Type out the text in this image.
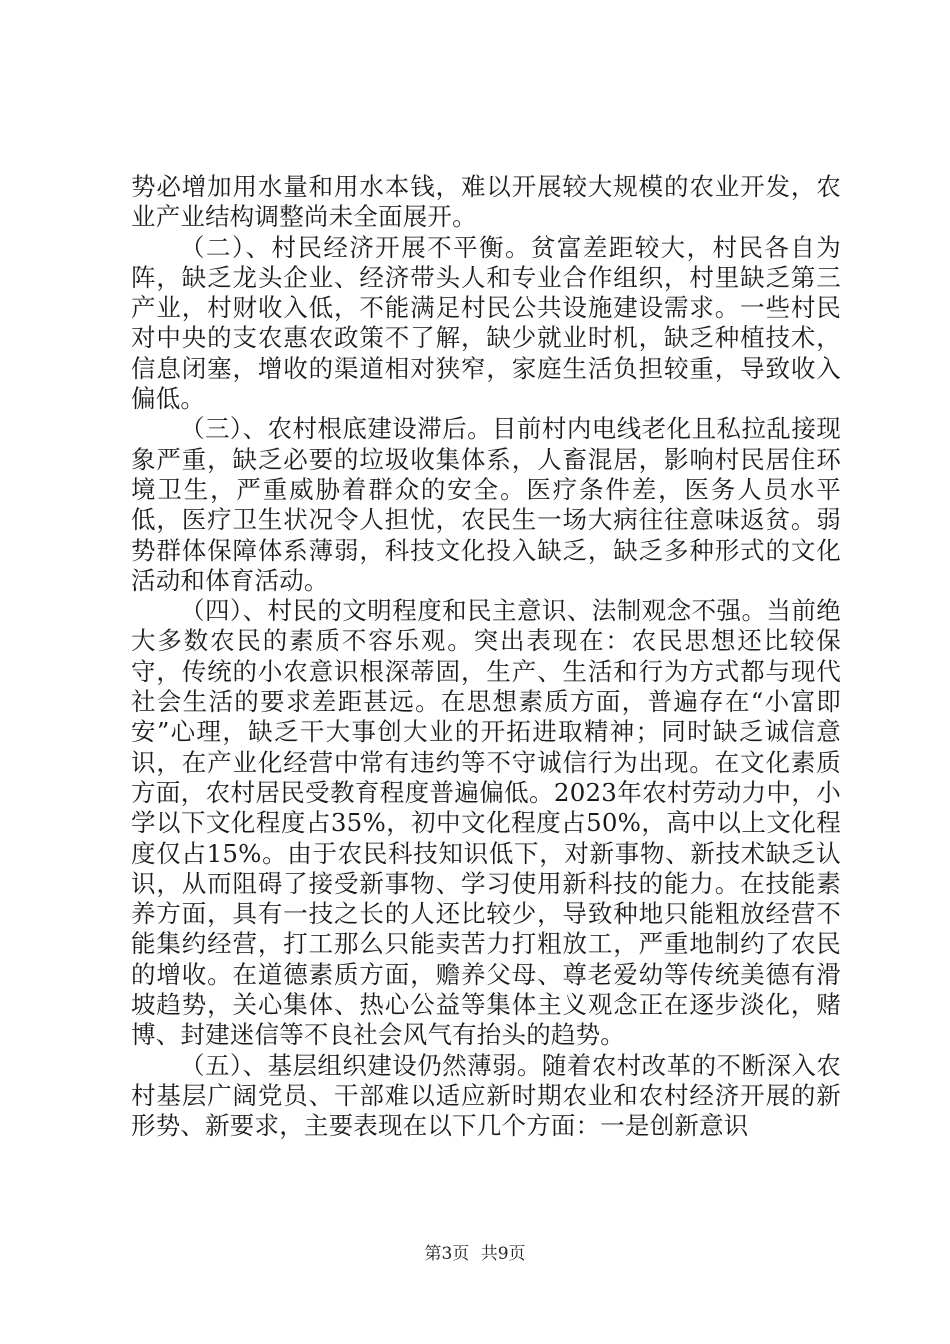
势必增加用水量和用水本钱，难以开展较大规模的农业开发，农业产业结构调整尚未全面展开。

（二）、村民经济开展不平衡。贫富差距较大，村民各自为阵，缺乏龙头企业、经济带头人和专业合作组织，村里缺乏第三产业，村财收入低，不能满足村民公共设施建设需求。一些村民对中央的支农惠农政策不了解，缺少就业时机，缺乏种植技术，信息闭塞，增收的渠道相对狭窄，家庭生活负担较重，导致收入偏低。

（三）、农村根底建设滞后。目前村内电线老化且私拉乱接现象严重，缺乏必要的垃圾收集体系，人畜混居，影响村民居住环境卫生，严重威胁着群众的安全。医疗条件差，医务人员水平低，医疗卫生状况令人担忧，农民生一场大病往往意味返贫。弱势群体保障体系薄弱，科技文化投入缺乏，缺乏多种形式的文化活动和体育活动。

（四）、村民的文明程度和民主意识、法制观念不强。当前绝大多数农民的素质不容乐观。突出表现在：农民思想还比较保守，传统的小农意识根深蒂固，生产、生活和行为方式都与现代社会生活的要求差距甚远。在思想素质方面，普遍存在“小富即安”心理，缺乏干大事创大业的开拓进取精神；同时缺乏诚信意识，在产业化经营中常有违约等不守诚信行为出现。在文化素质方面，农村居民受教育程度普遍偏低。2023年农村劳动力中，小学以下文化程度占35%，初中文化程度占50%，高中以上文化程度仅占15%。由于农民科技知识低下，对新事物、新技术缺乏认识，从而阻碍了接受新事物、学习使用新科技的能力。在技能素养方面，具有一技之长的人还比较少，导致种地只能粗放经营不能集约经营，打工那么只能卖苦力打粗放工，严重地制约了农民的增收。在道德素质方面，赡养父母、尊老爱幼等传统美德有滑坡趋势，关心集体、热心公益等集体主义观念正在逐步淡化，赌博、封建迷信等不良社会风气有抬头的趋势。

（五）、基层组织建设仍然薄弱。随着农村改革的不断深入农村基层广阔党员、干部难以适应新时期农业和农村经济开展的新形势、新要求，主要表现在以下几个方面：一是创新意识

第3页 共9页
